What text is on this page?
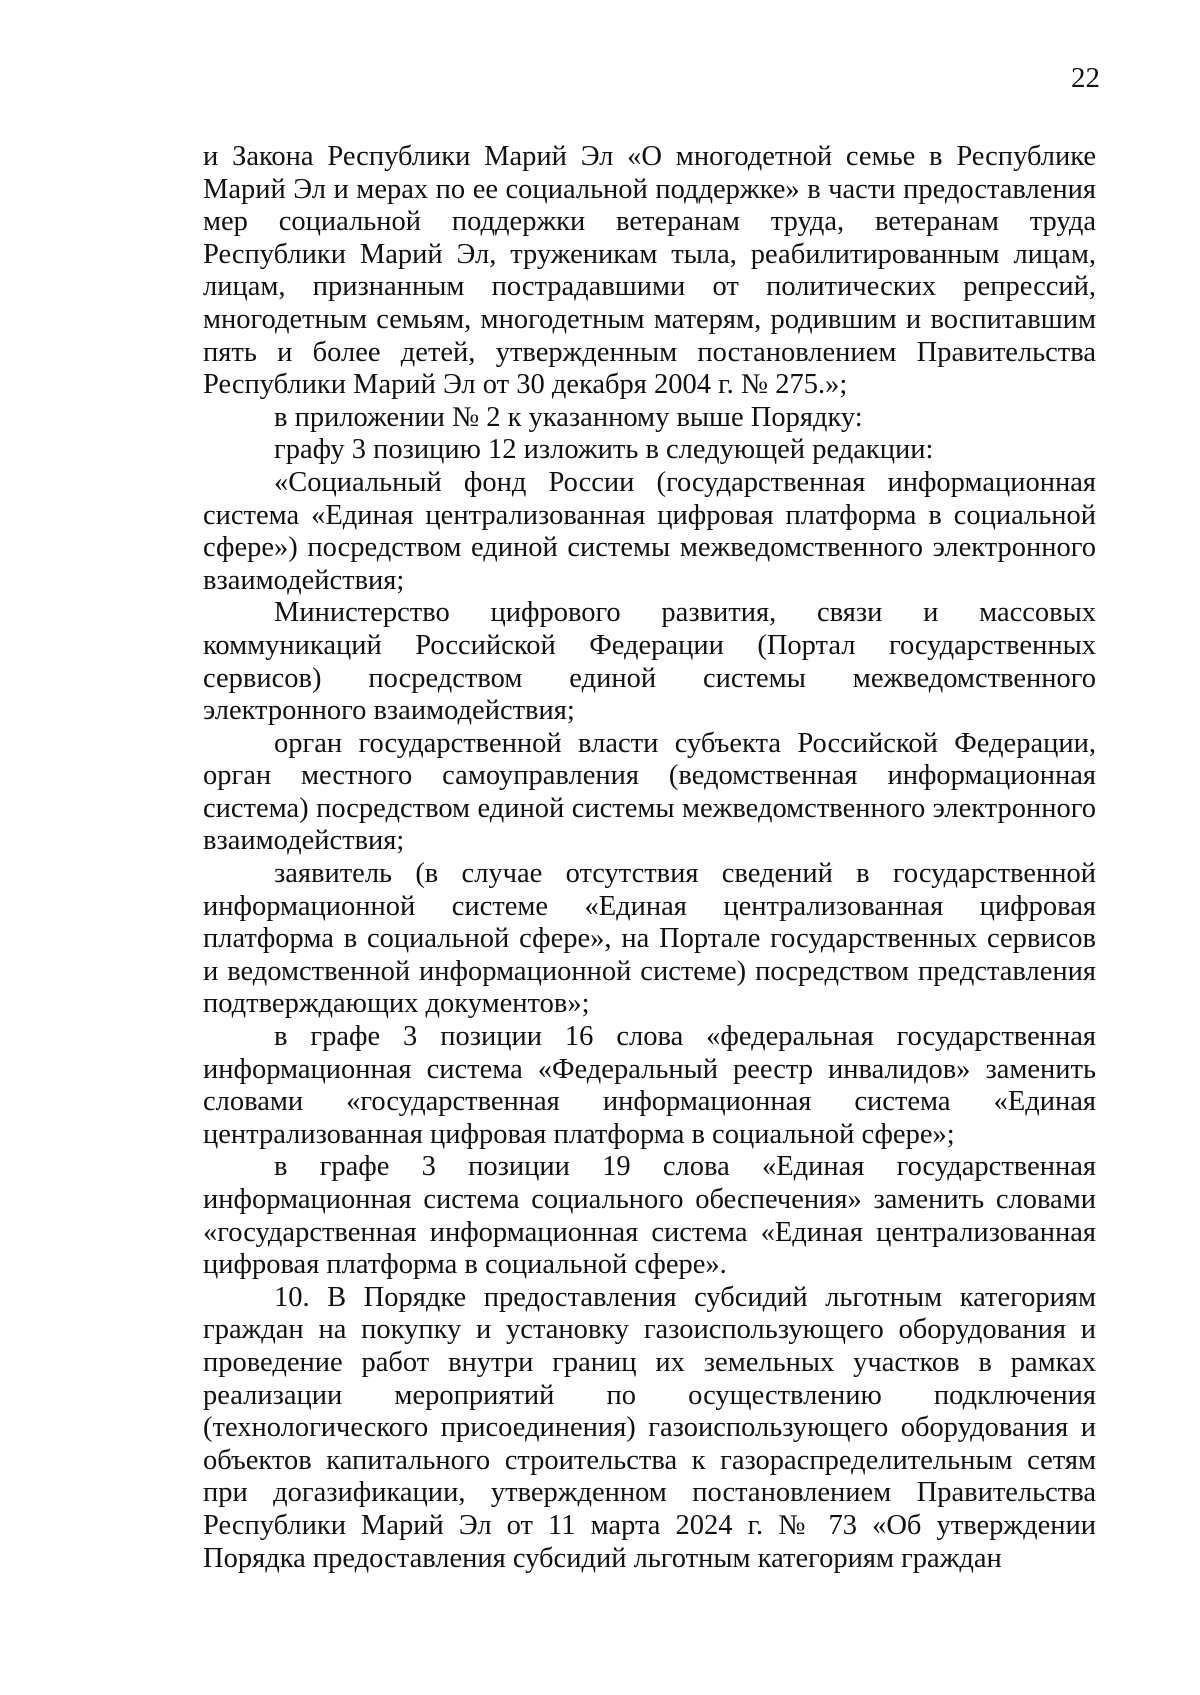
22

и Закона Республики Марий Эл «О многодетной семье в Республике Марий Эл и мерах по ее социальной поддержке» в части предоставления мер социальной поддержки ветеранам труда, ветеранам труда Республики Марий Эл, труженикам тыла, реабилитированным лицам, лицам, признанным пострадавшими от политических репрессий, многодетным семьям, многодетным матерям, родившим и воспитавшим пять и более детей, утвержденным постановлением Правительства Республики Марий Эл от 30 декабря 2004 г. № 275.»;

в приложении № 2 к указанному выше Порядку:

графу 3 позицию 12 изложить в следующей редакции:

«Социальный фонд России (государственная информационная система «Единая централизованная цифровая платформа в социальной сфере») посредством единой системы межведомственного электронного взаимодействия;

Министерство цифрового развития, связи и массовых коммуникаций Российской Федерации (Портал государственных сервисов) посредством единой системы межведомственного электронного взаимодействия;

орган государственной власти субъекта Российской Федерации, орган местного самоуправления (ведомственная информационная система) посредством единой системы межведомственного электронного взаимодействия;

заявитель (в случае отсутствия сведений в государственной информационной системе «Единая централизованная цифровая платформа в социальной сфере», на Портале государственных сервисов и ведомственной информационной системе) посредством представления подтверждающих документов»;

в графе 3 позиции 16 слова «федеральная государственная информационная система «Федеральный реестр инвалидов» заменить словами «государственная информационная система «Единая централизованная цифровая платформа в социальной сфере»;

в графе 3 позиции 19 слова «Единая государственная информационная система социального обеспечения» заменить словами «государственная информационная система «Единая централизованная цифровая платформа в социальной сфере».

10. В Порядке предоставления субсидий льготным категориям граждан на покупку и установку газоиспользующего оборудования и проведение работ внутри границ их земельных участков в рамках реализации мероприятий по осуществлению подключения (технологического присоединения) газоиспользующего оборудования и объектов капитального строительства к газораспределительным сетям при догазификации, утвержденном постановлением Правительства Республики Марий Эл от 11 марта 2024 г. № 73 «Об утверждении Порядка предоставления субсидий льготным категориям граждан
